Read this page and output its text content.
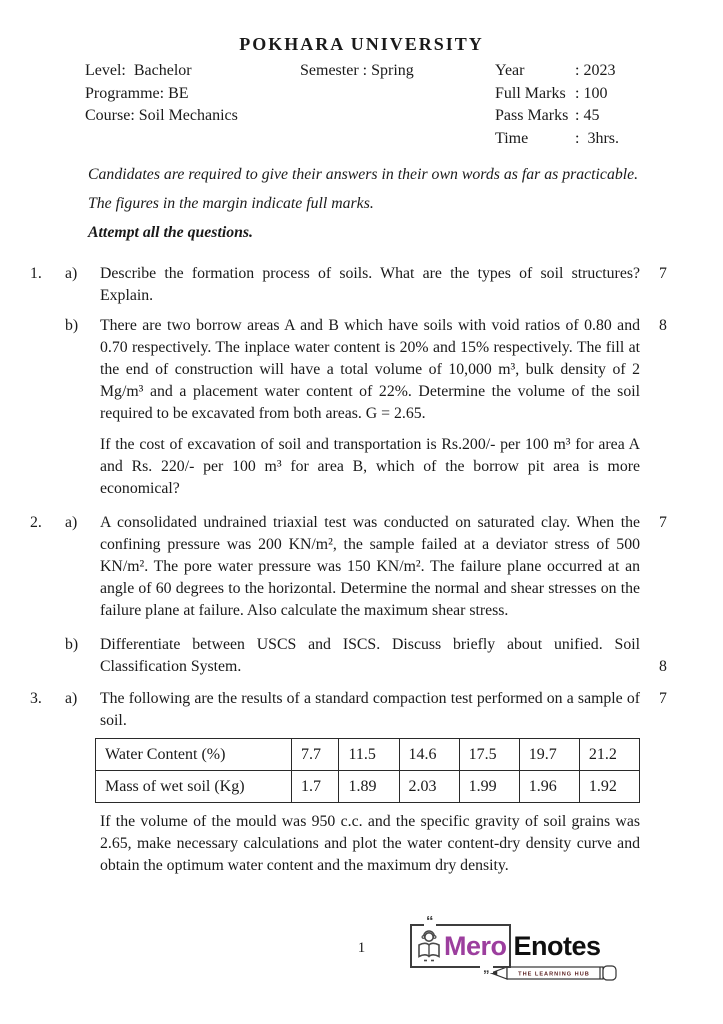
POKHARA UNIVERSITY
Level:  Bachelor
Programme: BE
Course: Soil Mechanics
Semester : Spring	Year	: 2023
Full Marks : 100
Pass Marks : 45
Time	:  3hrs.

Candidates are required to give their answers in their own words as far as practicable.

The figures in the margin indicate full marks.

Attempt all the questions.

1.	a)	Describe the formation process of soils. What are the types of soil structures? Explain.

7
b)	There are two borrow areas A and B which have soils with void ratios of 0.80 and 0.70 respectively. The inplace water content is 20% and 15% respectively. The fill at the end of construction will have a total volume of 10,000 m³, bulk density of 2 Mg/m³ and a placement water content of 22%. Determine the volume of the soil required to be excavated from both areas. G = 2.65.

If the cost of excavation of soil and transportation is Rs.200/- per 100 m³ for area A and Rs. 220/- per 100 m³ for area B, which of the borrow pit area is more economical?

8
2.	a)	A consolidated undrained triaxial test was conducted on saturated clay. When the confining pressure was 200 KN/m², the sample failed at a deviator stress of 500 KN/m². The pore water pressure was 150 KN/m². The failure plane occurred at an angle of 60 degrees to the horizontal. Determine the normal and shear stresses on the failure plane at failure. Also calculate the maximum shear stress.

7
b)	Differentiate between USCS and ISCS. Discuss briefly about unified. Soil Classification System.	8
3.	a)	The following are the results of a standard compaction test performed on a sample of soil.

Water Content (%)	7.7	11.5	14.6	17.5	19.7	21.2
Mass of wet soil (Kg)	1.7	1.89	2.03	1.99	1.96	1.92

If the volume of the mould was 950 c.c. and the specific gravity of soil grains was 2.65, make necessary calculations and plot the water content-dry density curve and obtain the optimum water content and the maximum dry density.

7
1
“
„
Mero Enotes
THE LEARNING HUB
